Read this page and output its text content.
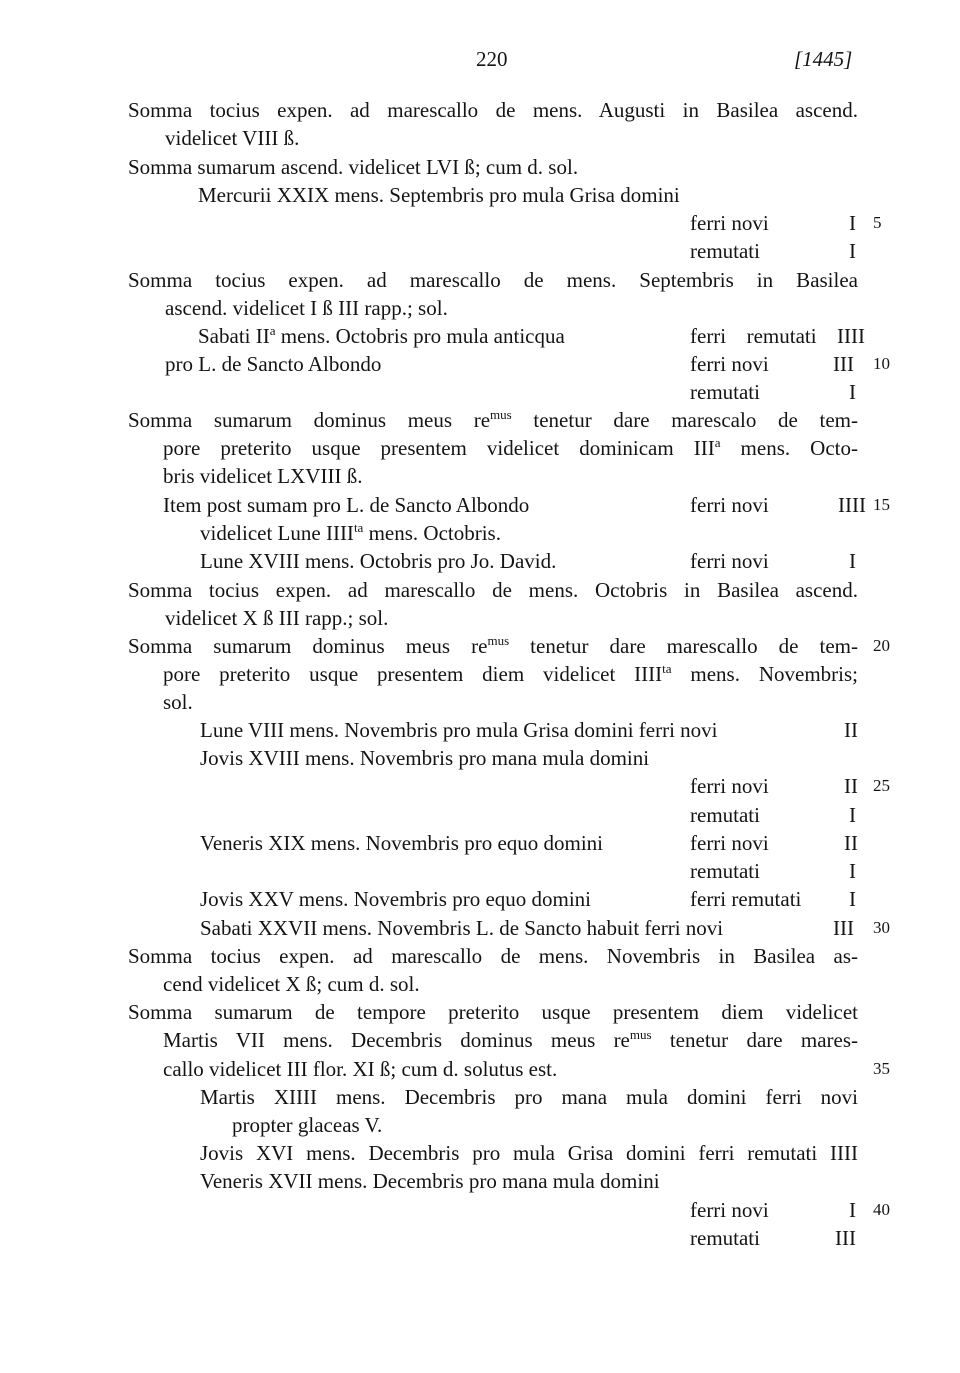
220	[1445]
Somma tocius expen. ad marescallo de mens. Augusti in Basilea ascend.
videlicet VIII ß.
Somma sumarum ascend. videlicet LVI ß; cum d. sol.
Mercurii XXIX mens. Septembris pro mula Grisa domini
ferri novi	I 5
remutati	I
Somma tocius expen. ad marescallo de mens. Septembris in Basilea
ascend. videlicet I ß III rapp.; sol.
Sabati $II^a$ mens. Octobris pro mula anticqua	ferri remutati IIII
pro L. de Sancto Albondo	ferri novi	III 10
remutati	I
Somma sumarum dominus meus $re^{mus}$ tenetur dare marescalo de tem-
pore preterito usque presentem videlicet dominicam III$^a$ mens. Octo-
bris videlicet LXVIII ß.
Item post sumam pro L. de Sancto Albondo	ferri novi	IIII 15
videlicet Lune $IIII^{ta}$ mens. Octobris.
Lune XVIII mens. Octobris pro Jo. David.	ferri novi	I
Somma tocius expen. ad marescallo de mens. Octobris in Basilea ascend.
videlicet X ß III rapp.; sol.
Somma sumarum dominus meus $re^{mus}$ tenetur dare marescallo de tem- 20
pore preterito usque presentem diem videlicet $IIII^{ta}$ mens. Novembris;
sol.
Lune VIII mens. Novembris pro mula Grisa domini ferri novi	II
Jovis XVIII mens. Novembris pro mana mula domini
ferri novi	II 25
remutati	I
Veneris XIX mens. Novembris pro equo domini	ferri novi	II
remutati	I
Jovis XXV mens. Novembris pro equo domini	ferri remutati I
Sabati XXVII mens. Novembris L. de Sancto habuit ferri novi	III 30
Somma tocius expen. ad marescallo de mens. Novembris in Basilea as-
cend videlicet X ß; cum d. sol.
Somma sumarum de tempore preterito usque presentem diem videlicet
Martis VII mens. Decembris dominus meus $re^{mus}$ tenetur dare mares-
callo videlicet III flor. XI ß; cum d. solutus est.	35
Martis XIIII mens. Decembris pro mana mula domini ferri novi
propter glaceas V.
Jovis XVI mens. Decembris pro mula Grisa domini ferri remutati IIII
Veneris XVII mens. Decembris pro mana mula domini
ferri novi	I 40
remutati	III
